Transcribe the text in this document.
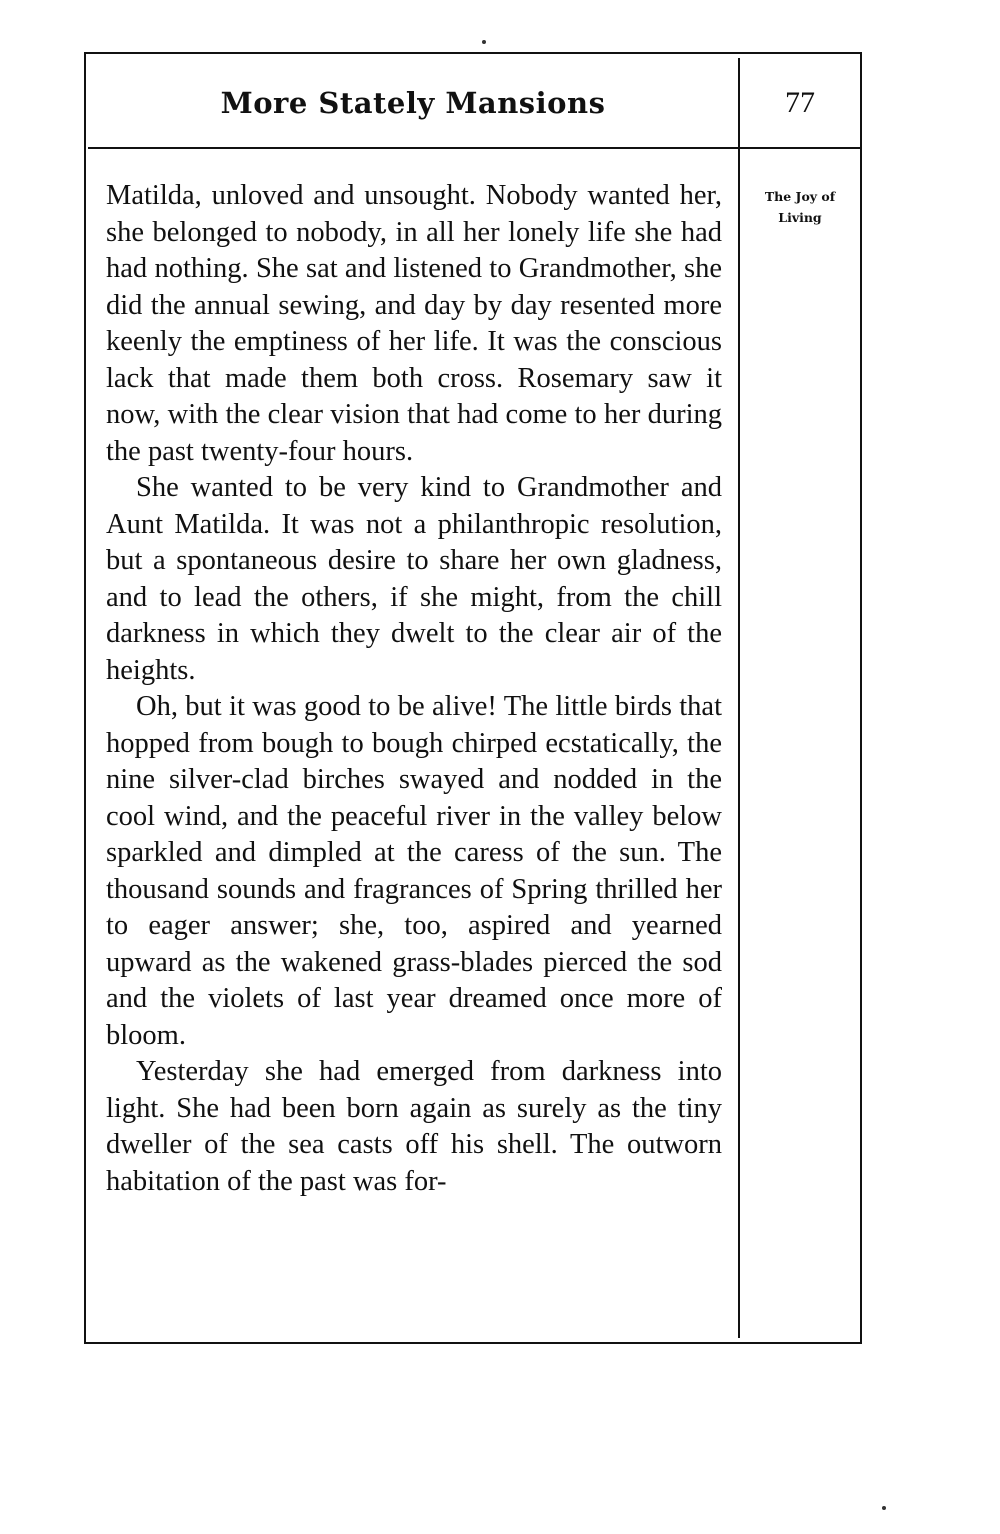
More Stately Mansions	77
The Joy of
Living

Matilda, unloved and unsought. Nobody wanted her, she belonged to nobody, in all her lonely life she had had nothing. She sat and listened to Grandmother, she did the annual sewing, and day by day resented more keenly the emptiness of her life. It was the conscious lack that made them both cross. Rosemary saw it now, with the clear vision that had come to her during the past twenty-four hours.

She wanted to be very kind to Grandmother and Aunt Matilda. It was not a philanthropic resolution, but a spontaneous desire to share her own gladness, and to lead the others, if she might, from the chill darkness in which they dwelt to the clear air of the heights.

Oh, but it was good to be alive! The little birds that hopped from bough to bough chirped ecstatically, the nine silver-clad birches swayed and nodded in the cool wind, and the peaceful river in the valley below sparkled and dimpled at the caress of the sun. The thousand sounds and fragrances of Spring thrilled her to eager answer; she, too, aspired and yearned upward as the wakened grass-blades pierced the sod and the violets of last year dreamed once more of bloom.

Yesterday she had emerged from darkness into light. She had been born again as surely as the tiny dweller of the sea casts off his shell. The outworn habitation of the past was for-
